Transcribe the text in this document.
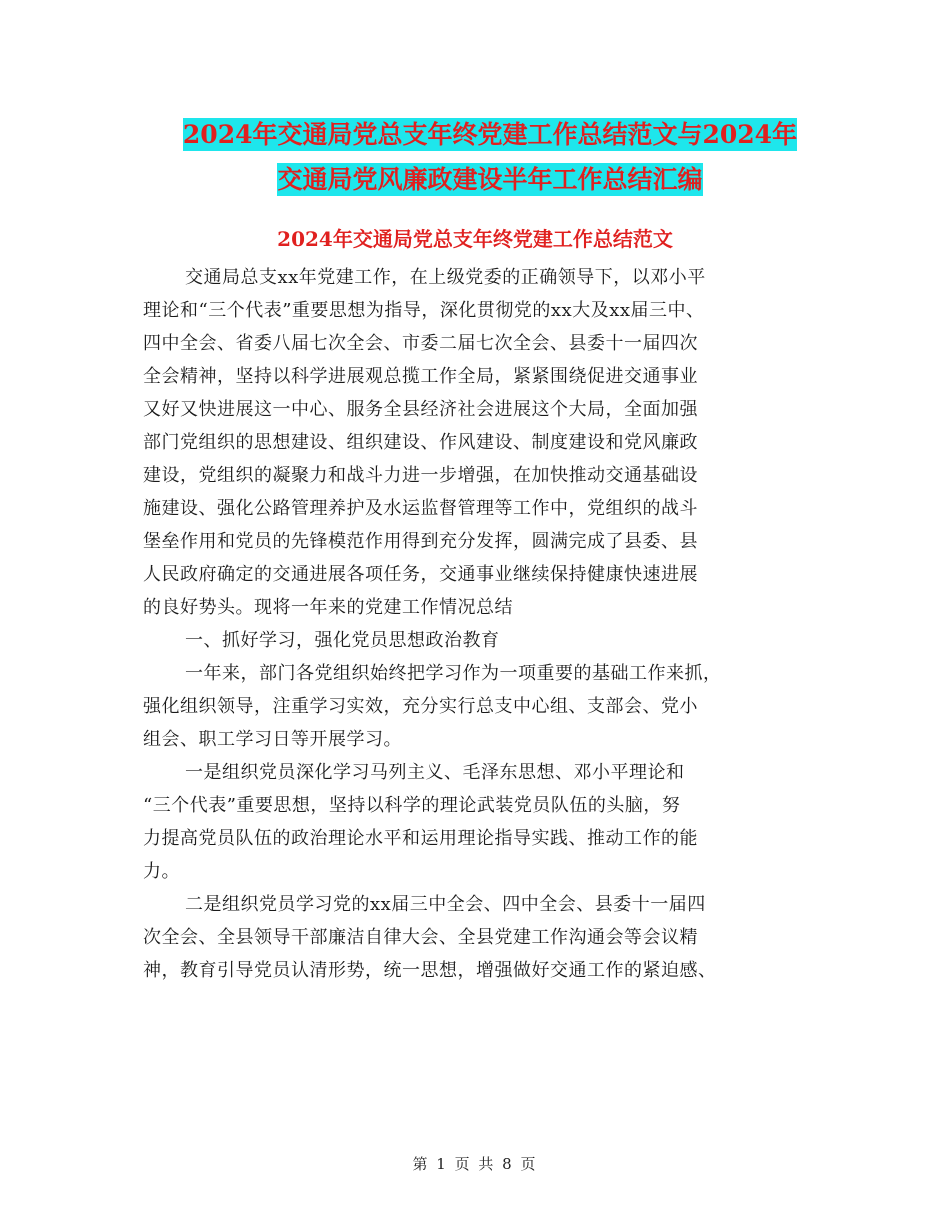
2024年交通局党总支年终党建工作总结范文与2024年
交通局党风廉政建设半年工作总结汇编
2024年交通局党总支年终党建工作总结范文
交通局总支xx年党建工作，在上级党委的正确领导下，以邓小平
理论和“三个代表”重要思想为指导，深化贯彻党的xx大及xx届三中、
四中全会、省委八届七次全会、市委二届七次全会、县委十一届四次
全会精神，坚持以科学进展观总揽工作全局，紧紧围绕促进交通事业
又好又快进展这一中心、服务全县经济社会进展这个大局，全面加强
部门党组织的思想建设、组织建设、作风建设、制度建设和党风廉政
建设，党组织的凝聚力和战斗力进一步增强，在加快推动交通基础设
施建设、强化公路管理养护及水运监督管理等工作中，党组织的战斗
堡垒作用和党员的先锋模范作用得到充分发挥，圆满完成了县委、县
人民政府确定的交通进展各项任务，交通事业继续保持健康快速进展
的良好势头。现将一年来的党建工作情况总结
一、抓好学习，强化党员思想政治教育
一年来，部门各党组织始终把学习作为一项重要的基础工作来抓，
强化组织领导，注重学习实效，充分实行总支中心组、支部会、党小
组会、职工学习日等开展学习。
一是组织党员深化学习马列主义、毛泽东思想、邓小平理论和
“三个代表”重要思想，坚持以科学的理论武装党员队伍的头脑，努
力提高党员队伍的政治理论水平和运用理论指导实践、推动工作的能
力。
二是组织党员学习党的xx届三中全会、四中全会、县委十一届四
次全会、全县领导干部廉洁自律大会、全县党建工作沟通会等会议精
神，教育引导党员认清形势，统一思想，增强做好交通工作的紧迫感、
第 1 页 共 8 页
